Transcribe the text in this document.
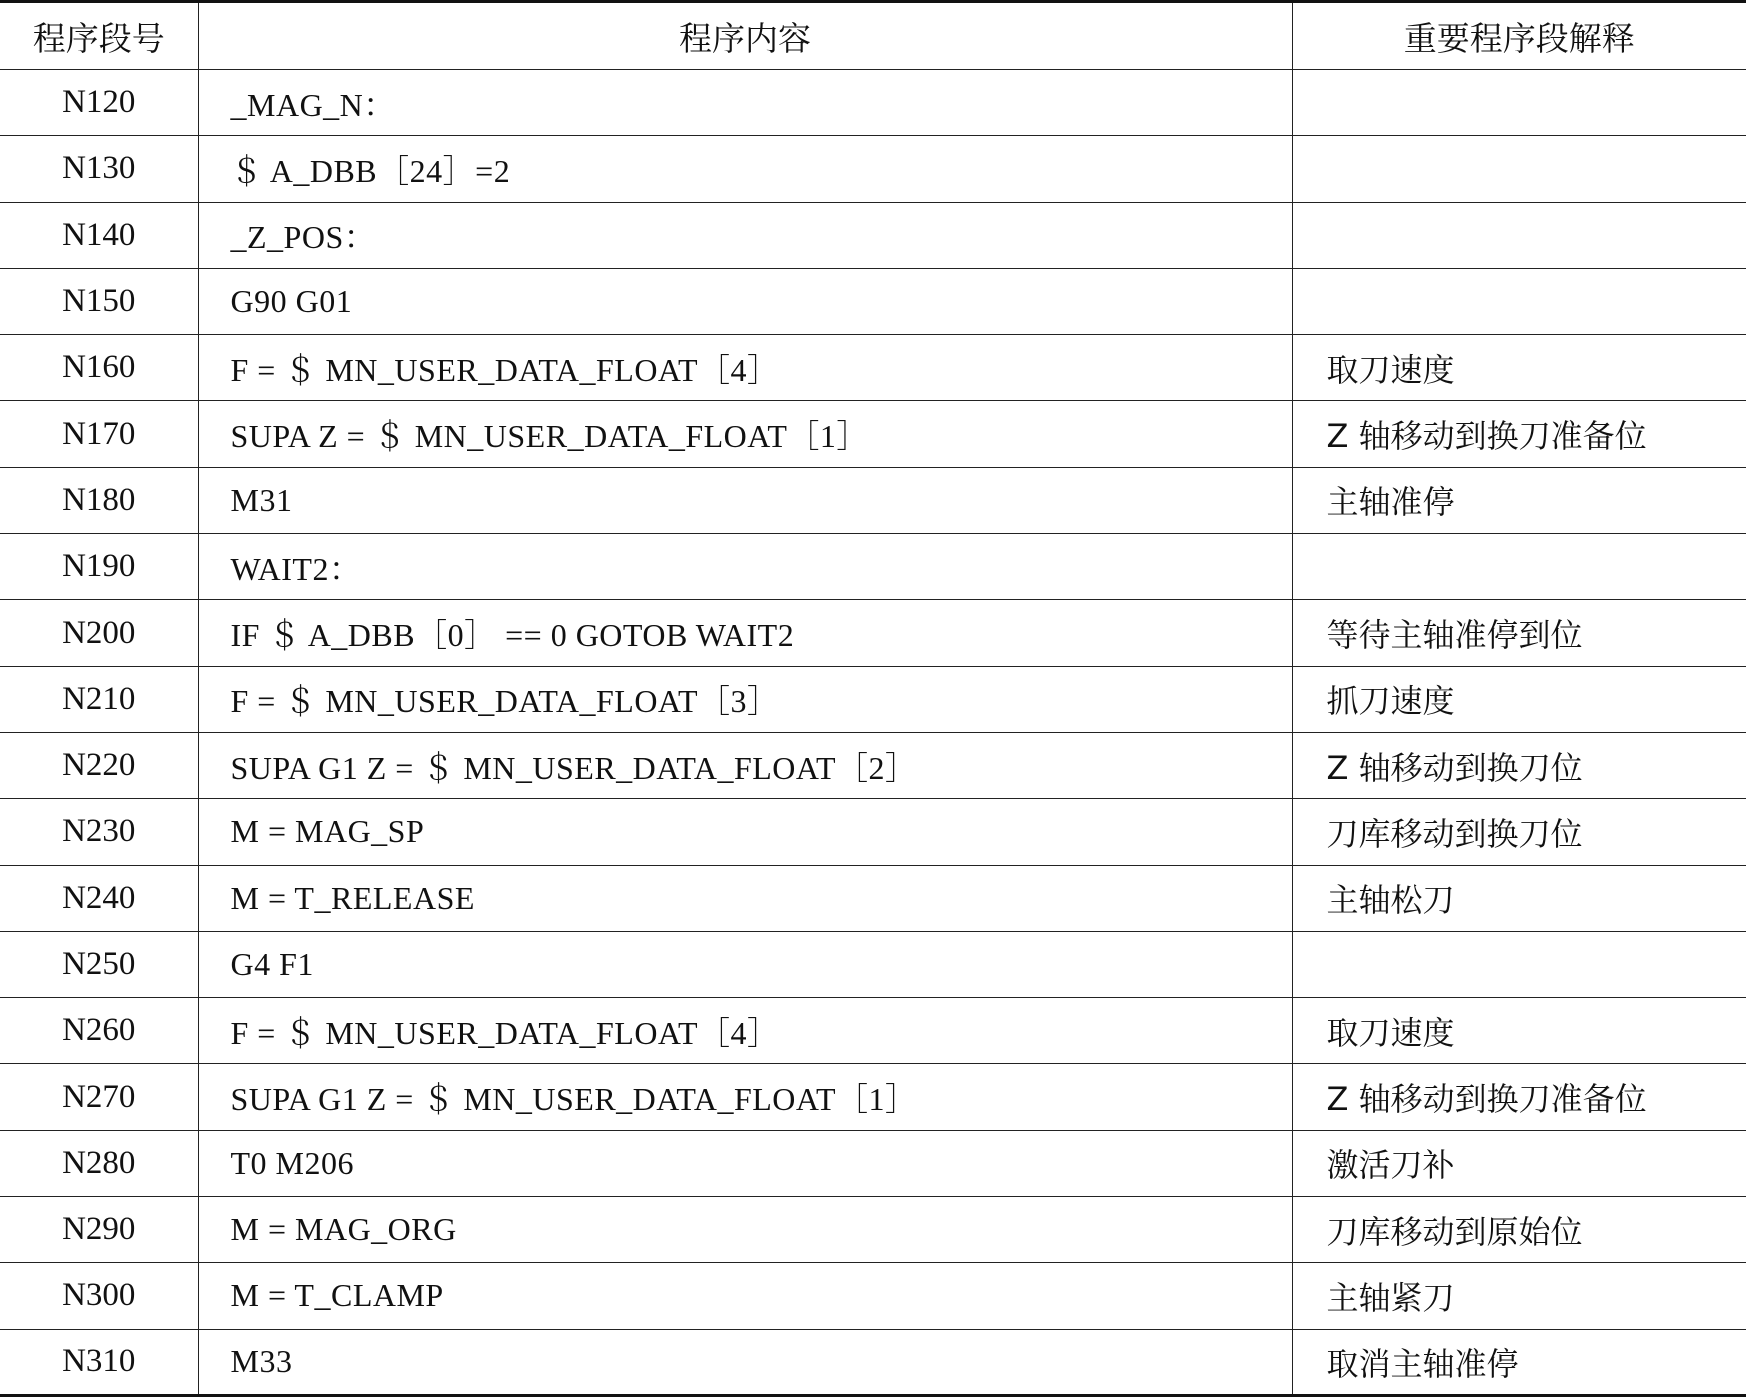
程序段号	程序内容	重要程序段解释
N120	_MAG_N：	
N130	＄ A_DBB［24］=2	
N140	_Z_POS：	
N150	G90 G01	
N160	F = ＄ MN_USER_DATA_FLOAT［4］	取刀速度
N170	SUPA Z = ＄ MN_USER_DATA_FLOAT［1］	Z 轴移动到换刀准备位
N180	M31	主轴准停
N190	WAIT2：	
N200	IF ＄ A_DBB［0］ == 0 GOTOB WAIT2	等待主轴准停到位
N210	F = ＄ MN_USER_DATA_FLOAT［3］	抓刀速度
N220	SUPA G1 Z = ＄ MN_USER_DATA_FLOAT［2］	Z 轴移动到换刀位
N230	M = MAG_SP	刀库移动到换刀位
N240	M = T_RELEASE	主轴松刀
N250	G4 F1	
N260	F = ＄ MN_USER_DATA_FLOAT［4］	取刀速度
N270	SUPA G1 Z = ＄ MN_USER_DATA_FLOAT［1］	Z 轴移动到换刀准备位
N280	T0 M206	激活刀补
N290	M = MAG_ORG	刀库移动到原始位
N300	M = T_CLAMP	主轴紧刀
N310	M33	取消主轴准停
